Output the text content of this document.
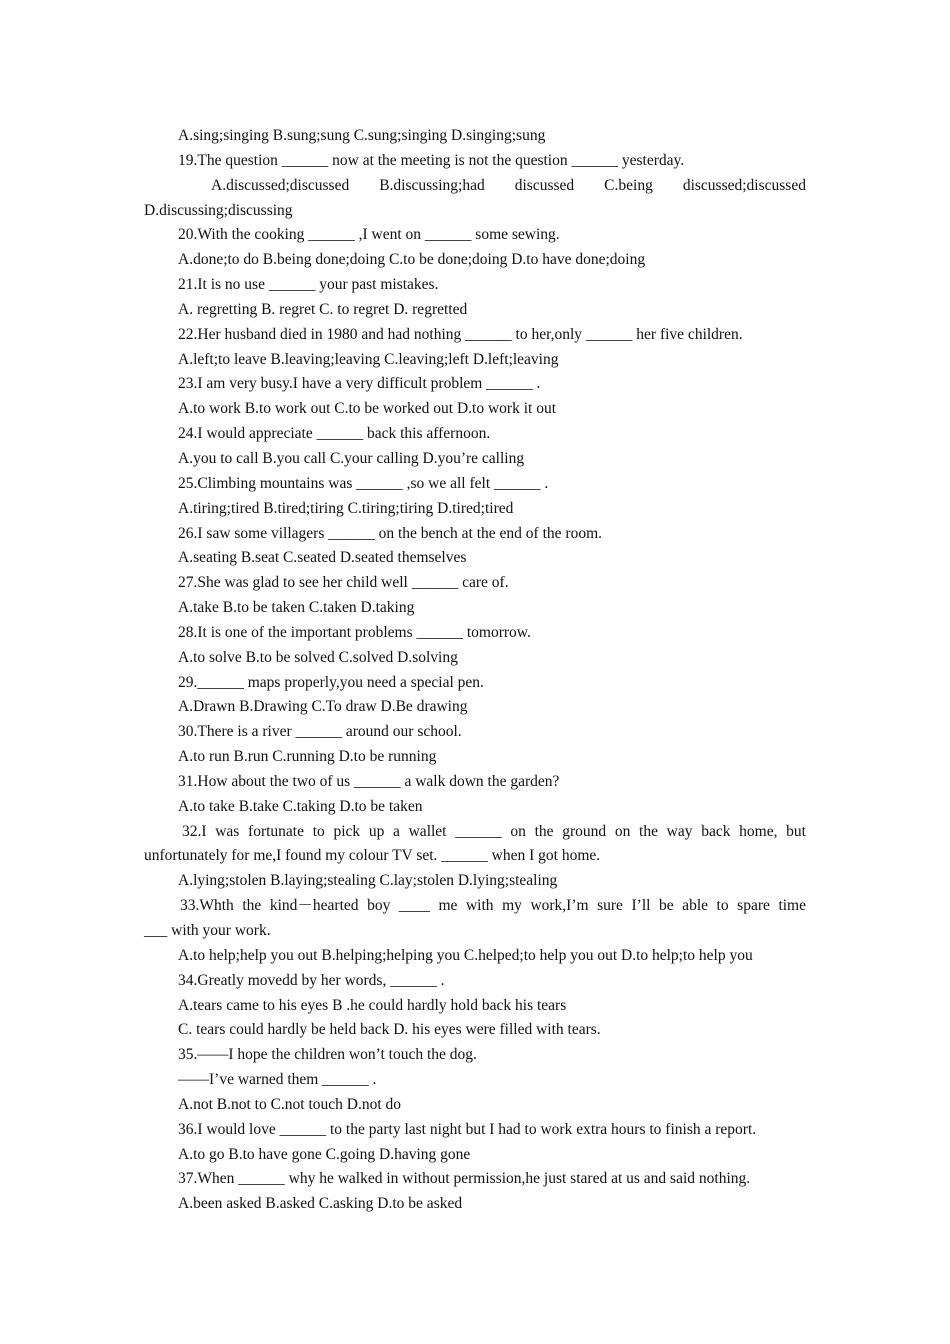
A.sing;singing B.sung;sung C.sung;singing D.singing;sung
19.The question ______ now at the meeting is not the question ______ yesterday.
A.discussed;discussed B.discussing;had discussed C.being discussed;discussed
D.discussing;discussing
20.With the cooking ______ ,I went on ______ some sewing.
A.done;to do B.being done;doing C.to be done;doing D.to have done;doing
21.It is no use ______ your past mistakes.
A. regretting B. regret C. to regret D. regretted
22.Her husband died in 1980 and had nothing ______ to her,only ______ her five children.
A.left;to leave B.leaving;leaving C.leaving;left D.left;leaving
23.I am very busy.I have a very difficult problem ______ .
A.to work B.to work out C.to be worked out D.to work it out
24.I would appreciate ______ back this affernoon.
A.you to call B.you call C.your calling D.you’re calling
25.Climbing mountains was ______ ,so we all felt ______ .
A.tiring;tired B.tired;tiring C.tiring;tiring D.tired;tired
26.I saw some villagers ______ on the bench at the end of the room.
A.seating B.seat C.seated D.seated themselves
27.She was glad to see her child well ______ care of.
A.take B.to be taken C.taken D.taking
28.It is one of the important problems ______ tomorrow.
A.to solve B.to be solved C.solved D.solving
29.______ maps properly,you need a special pen.
A.Drawn B.Drawing C.To draw D.Be drawing
30.There is a river ______ around our school.
A.to run B.run C.running D.to be running
31.How about the two of us ______ a walk down the garden?
A.to take B.take C.taking D.to be taken
32.I was fortunate to pick up a wallet ______ on the ground on the way back home, but
unfortunately for me,I found my colour TV set. ______ when I got home.
A.lying;stolen B.laying;stealing C.lay;stolen D.lying;stealing
33.Whth the kind－hearted boy ____ me with my work,I’m sure I’ll be able to spare time
___ with your work.
A.to help;help you out B.helping;helping you C.helped;to help you out D.to help;to help you
34.Greatly movedd by her words, ______ .
A.tears came to his eyes B .he could hardly hold back his tears
C. tears could hardly be held back D. his eyes were filled with tears.
35.——I hope the children won’t touch the dog.
——I’ve warned them ______ .
A.not B.not to C.not touch D.not do
36.I would love ______ to the party last night but I had to work extra hours to finish a report.
A.to go B.to have gone C.going D.having gone
37.When ______ why he walked in without permission,he just stared at us and said nothing.
A.been asked B.asked C.asking D.to be asked
